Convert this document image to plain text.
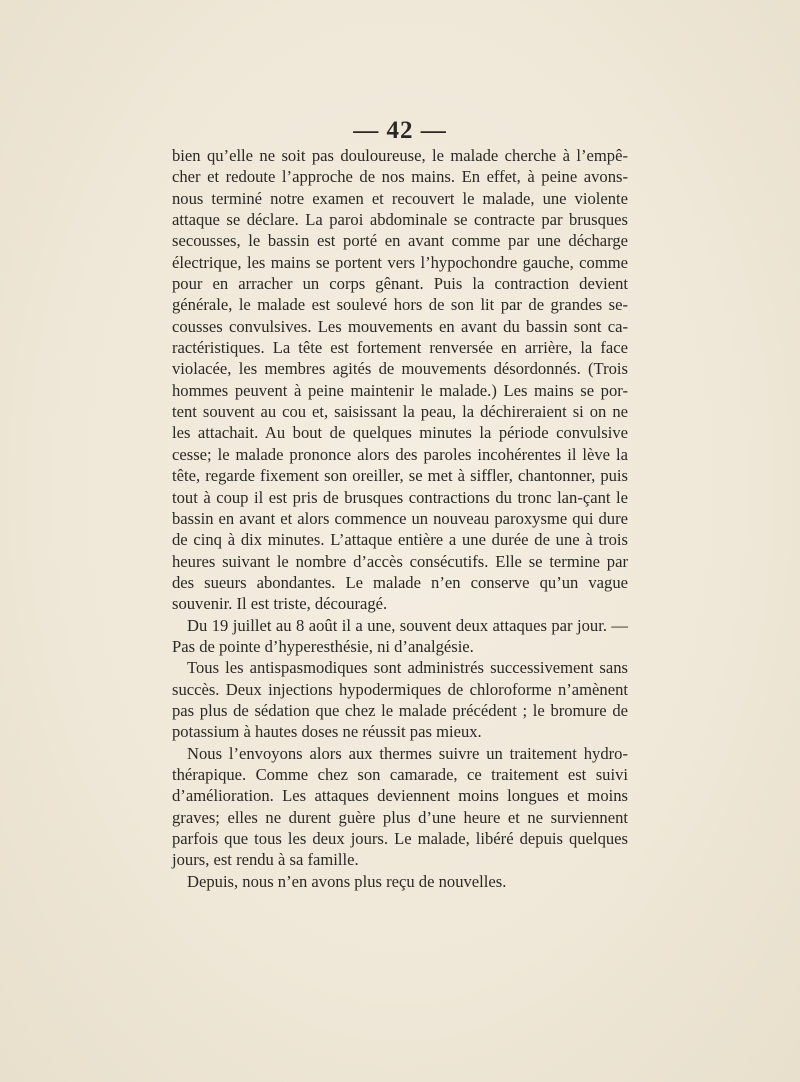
— 42 —

bien qu’elle ne soit pas douloureuse, le malade cherche à l’empê-cher et redoute l’approche de nos mains. En effet, à peine avons-nous terminé notre examen et recouvert le malade, une violente attaque se déclare. La paroi abdominale se contracte par brusques secousses, le bassin est porté en avant comme par une décharge électrique, les mains se portent vers l’hypochondre gauche, comme pour en arracher un corps gênant. Puis la contraction devient générale, le malade est soulevé hors de son lit par de grandes se-cousses convulsives. Les mouvements en avant du bassin sont ca-ractéristiques. La tête est fortement renversée en arrière, la face violacée, les membres agités de mouvements désordonnés. (Trois hommes peuvent à peine maintenir le malade.) Les mains se por-tent souvent au cou et, saisissant la peau, la déchireraient si on ne les attachait. Au bout de quelques minutes la période convulsive cesse; le malade prononce alors des paroles incohérentes il lève la tête, regarde fixement son oreiller, se met à siffler, chantonner, puis tout à coup il est pris de brusques contractions du tronc lan-çant le bassin en avant et alors commence un nouveau paroxysme qui dure de cinq à dix minutes. L’attaque entière a une durée de une à trois heures suivant le nombre d’accès consécutifs. Elle se termine par des sueurs abondantes. Le malade n’en conserve qu’un vague souvenir. Il est triste, découragé.

Du 19 juillet au 8 août il a une, souvent deux attaques par jour. — Pas de pointe d’hyperesthésie, ni d’analgésie.

Tous les antispasmodiques sont administrés successivement sans succès. Deux injections hypodermiques de chloroforme n’amènent pas plus de sédation que chez le malade précédent ; le bromure de potassium à hautes doses ne réussit pas mieux.

Nous l’envoyons alors aux thermes suivre un traitement hydro-thérapique. Comme chez son camarade, ce traitement est suivi d’amélioration. Les attaques deviennent moins longues et moins graves; elles ne durent guère plus d’une heure et ne surviennent parfois que tous les deux jours. Le malade, libéré depuis quelques jours, est rendu à sa famille.

Depuis, nous n’en avons plus reçu de nouvelles.
